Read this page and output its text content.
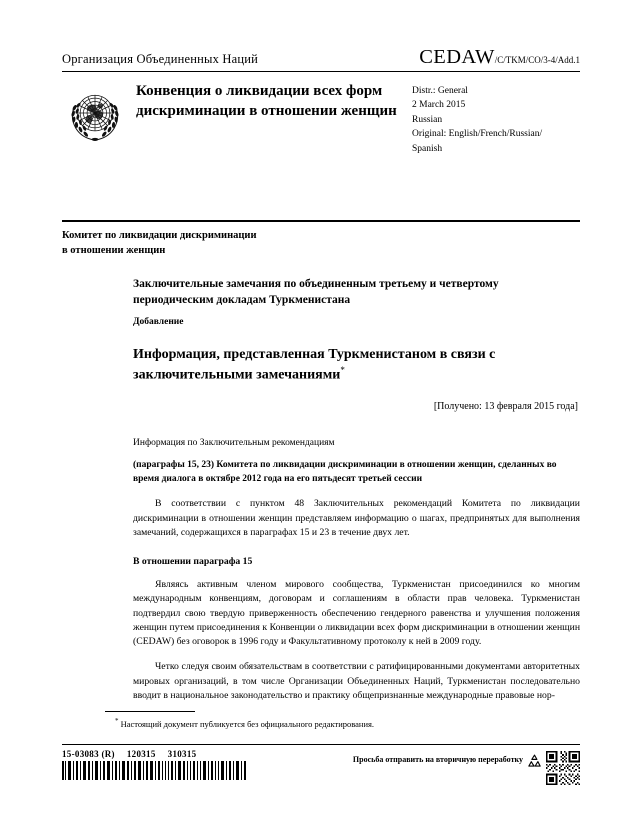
Организация Объединенных Наций	CEDAW /C/TKM/CO/3-4/Add.1
Конвенция о ликвидации всех форм дискриминации в отношении женщин
Distr.: General
2 March 2015
Russian
Original: English/French/Russian/
Spanish
Комитет по ликвидации дискриминации
в отношении женщин
Заключительные замечания по объединенным третьему и четвертому периодическим докладам Туркменистана
Добавление
Информация, представленная Туркменистаном в связи с заключительными замечаниями*
[Получено: 13 февраля 2015 года]
Информация по Заключительным рекомендациям
(параграфы 15, 23) Комитета по ликвидации дискриминации в отношении женщин, сделанных во время диалога в октябре 2012 года на его пятьдесят третьей сессии

В соответствии с пунктом 48 Заключительных рекомендаций Комитета по ликвидации дискриминации в отношении женщин представляем информацию о шагах, предпринятых для выполнения замечаний, содержащихся в параграфах 15 и 23 в течение двух лет.

В отношении параграфа 15

Являясь активным членом мирового сообщества, Туркменистан присоединился ко многим международным конвенциям, договорам и соглашениям в области прав человека. Туркменистан подтвердил свою твердую приверженность обеспечению гендерного равенства и улучшения положения женщин путем присоединения к Конвенции о ликвидации всех форм дискриминации в отношении женщин (CEDAW) без оговорок в 1996 году и Факультативному протоколу к ней в 2009 году.

Четко следуя своим обязательствам в соответствии с ратифицированными документами авторитетных мировых организаций, в том числе Организации Объединенных Наций, Туркменистан последовательно вводит в национальное законодательство и практику общепризнанные международные правовые нор-

* Настоящий документ публикуется без официального редактирования.
15-03083 (R) 120315 310315
Просьба отправить на вторичную переработку
